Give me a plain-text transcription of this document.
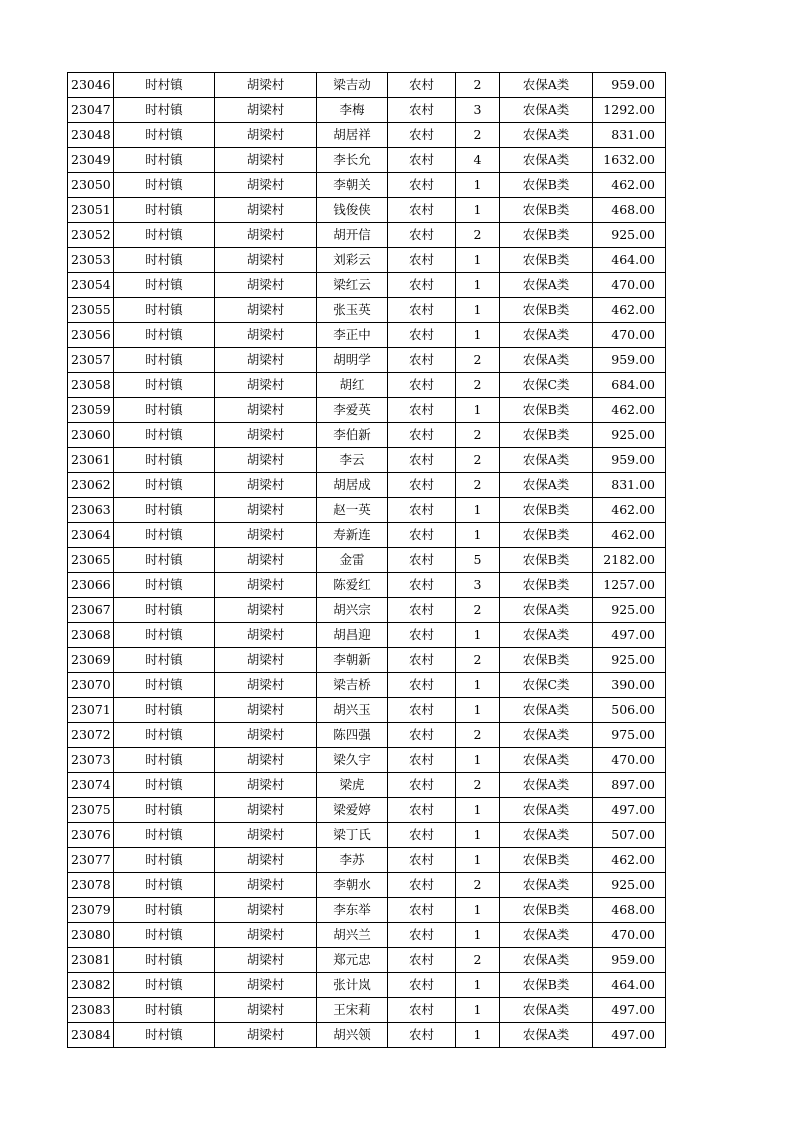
23046	时村镇	胡梁村	梁吉动	农村	2	农保A类	959.00
23047	时村镇	胡梁村	李梅	农村	3	农保A类	1292.00
23048	时村镇	胡梁村	胡居祥	农村	2	农保A类	831.00
23049	时村镇	胡梁村	李长允	农村	4	农保A类	1632.00
23050	时村镇	胡梁村	李朝关	农村	1	农保B类	462.00
23051	时村镇	胡梁村	钱俊侠	农村	1	农保B类	468.00
23052	时村镇	胡梁村	胡开信	农村	2	农保B类	925.00
23053	时村镇	胡梁村	刘彩云	农村	1	农保B类	464.00
23054	时村镇	胡梁村	梁红云	农村	1	农保A类	470.00
23055	时村镇	胡梁村	张玉英	农村	1	农保B类	462.00
23056	时村镇	胡梁村	李正中	农村	1	农保A类	470.00
23057	时村镇	胡梁村	胡明学	农村	2	农保A类	959.00
23058	时村镇	胡梁村	胡红	农村	2	农保C类	684.00
23059	时村镇	胡梁村	李爱英	农村	1	农保B类	462.00
23060	时村镇	胡梁村	李伯新	农村	2	农保B类	925.00
23061	时村镇	胡梁村	李云	农村	2	农保A类	959.00
23062	时村镇	胡梁村	胡居成	农村	2	农保A类	831.00
23063	时村镇	胡梁村	赵一英	农村	1	农保B类	462.00
23064	时村镇	胡梁村	寿新连	农村	1	农保B类	462.00
23065	时村镇	胡梁村	金雷	农村	5	农保B类	2182.00
23066	时村镇	胡梁村	陈爱红	农村	3	农保B类	1257.00
23067	时村镇	胡梁村	胡兴宗	农村	2	农保A类	925.00
23068	时村镇	胡梁村	胡昌迎	农村	1	农保A类	497.00
23069	时村镇	胡梁村	李朝新	农村	2	农保B类	925.00
23070	时村镇	胡梁村	梁吉桥	农村	1	农保C类	390.00
23071	时村镇	胡梁村	胡兴玉	农村	1	农保A类	506.00
23072	时村镇	胡梁村	陈四强	农村	2	农保A类	975.00
23073	时村镇	胡梁村	梁久宇	农村	1	农保A类	470.00
23074	时村镇	胡梁村	梁虎	农村	2	农保A类	897.00
23075	时村镇	胡梁村	梁爱婷	农村	1	农保A类	497.00
23076	时村镇	胡梁村	梁丁氏	农村	1	农保A类	507.00
23077	时村镇	胡梁村	李苏	农村	1	农保B类	462.00
23078	时村镇	胡梁村	李朝水	农村	2	农保A类	925.00
23079	时村镇	胡梁村	李东举	农村	1	农保B类	468.00
23080	时村镇	胡梁村	胡兴兰	农村	1	农保A类	470.00
23081	时村镇	胡梁村	郑元忠	农村	2	农保A类	959.00
23082	时村镇	胡梁村	张计岚	农村	1	农保B类	464.00
23083	时村镇	胡梁村	王宋莉	农村	1	农保A类	497.00
23084	时村镇	胡梁村	胡兴领	农村	1	农保A类	497.00
